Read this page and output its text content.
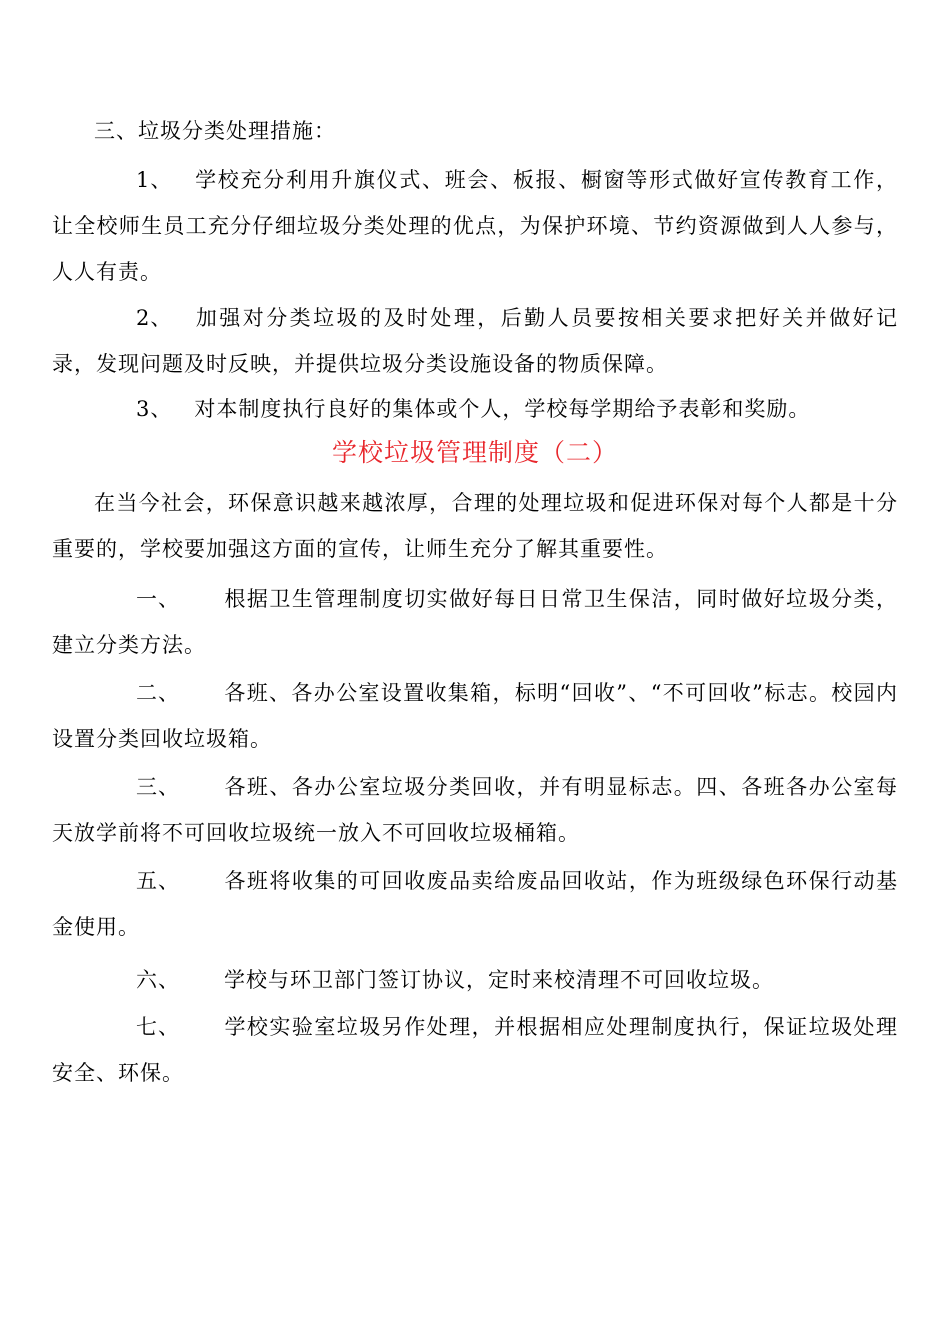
三、垃圾分类处理措施：

1、 学校充分利用升旗仪式、班会、板报、橱窗等形式做好宣传教育工作，让全校师生员工充分仔细垃圾分类处理的优点，为保护环境、节约资源做到人人参与，人人有责。

2、 加强对分类垃圾的及时处理，后勤人员要按相关要求把好关并做好记录，发现问题及时反映，并提供垃圾分类设施设备的物质保障。

3、 对本制度执行良好的集体或个人，学校每学期给予表彰和奖励。

学校垃圾管理制度（二）

在当今社会，环保意识越来越浓厚，合理的处理垃圾和促进环保对每个人都是十分重要的，学校要加强这方面的宣传，让师生充分了解其重要性。

一、 根据卫生管理制度切实做好每日日常卫生保洁，同时做好垃圾分类，建立分类方法。

二、 各班、各办公室设置收集箱，标明“回收”、“不可回收”标志。校园内设置分类回收垃圾箱。

三、 各班、各办公室垃圾分类回收，并有明显标志。四、各班各办公室每天放学前将不可回收垃圾统一放入不可回收垃圾桶箱。

五、 各班将收集的可回收废品卖给废品回收站，作为班级绿色环保行动基金使用。

六、 学校与环卫部门签订协议，定时来校清理不可回收垃圾。

七、 学校实验室垃圾另作处理，并根据相应处理制度执行，保证垃圾处理安全、环保。
